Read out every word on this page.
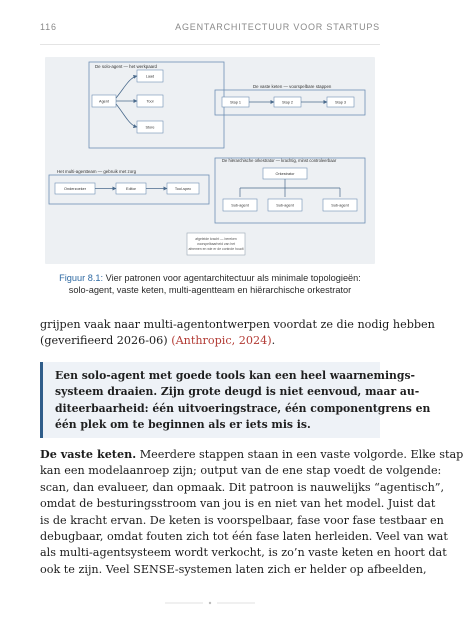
116	AGENTARCHITECTUUR VOOR STARTUPS
De solo-agent — het werkpaard
Agent
Laad
Tool
Store
De vaste keten — voorspelbare stappen
Stap 1	Stap 2	Stap 3
Het multi-agentteam — gebruik met zorg
Onderzoeker	Editor	Tool-spec
De hiërarchische orkestrator — krachtig, minst controleerbaar
Orkestrator
Sub-agent	Sub-agent	Sub-agent
afgeleide kracht — bereken
voorspelbaarheid van het
afnemen en wie er de controle houdt
Figuur 8.1: Vier patronen voor agentarchitectuur als minimale topologieën:
solo-agent, vaste keten, multi-agentteam en hiërarchische orkestrator
grijpen vaak naar multi-agentontwerpen voordat ze die nodig hebben
(geverifieerd 2026-06) (Anthropic, 2024).
Een solo-agent met goede tools kan een heel waarnemings-
systeem draaien. Zijn grote deugd is niet eenvoud, maar au-
diteerbaarheid: één uitvoeringstrace, één componentgrens en
één plek om te beginnen als er iets mis is.
De vaste keten. Meerdere stappen staan in een vaste volgorde. Elke stap
kan een modelaanroep zijn; output van de ene stap voedt de volgende:
scan, dan evalueer, dan opmaak. Dit patroon is nauwelijks “agentisch”,
omdat de besturingsstroom van jou is en niet van het model. Juist dat
is de kracht ervan. De keten is voorspelbaar, fase voor fase testbaar en
debugbaar, omdat fouten zich tot één fase laten herleiden. Veel van wat
als multi-agentsysteem wordt verkocht, is zo’n vaste keten en hoort dat
ook te zijn. Veel SENSE-systemen laten zich er helder op afbeelden,
